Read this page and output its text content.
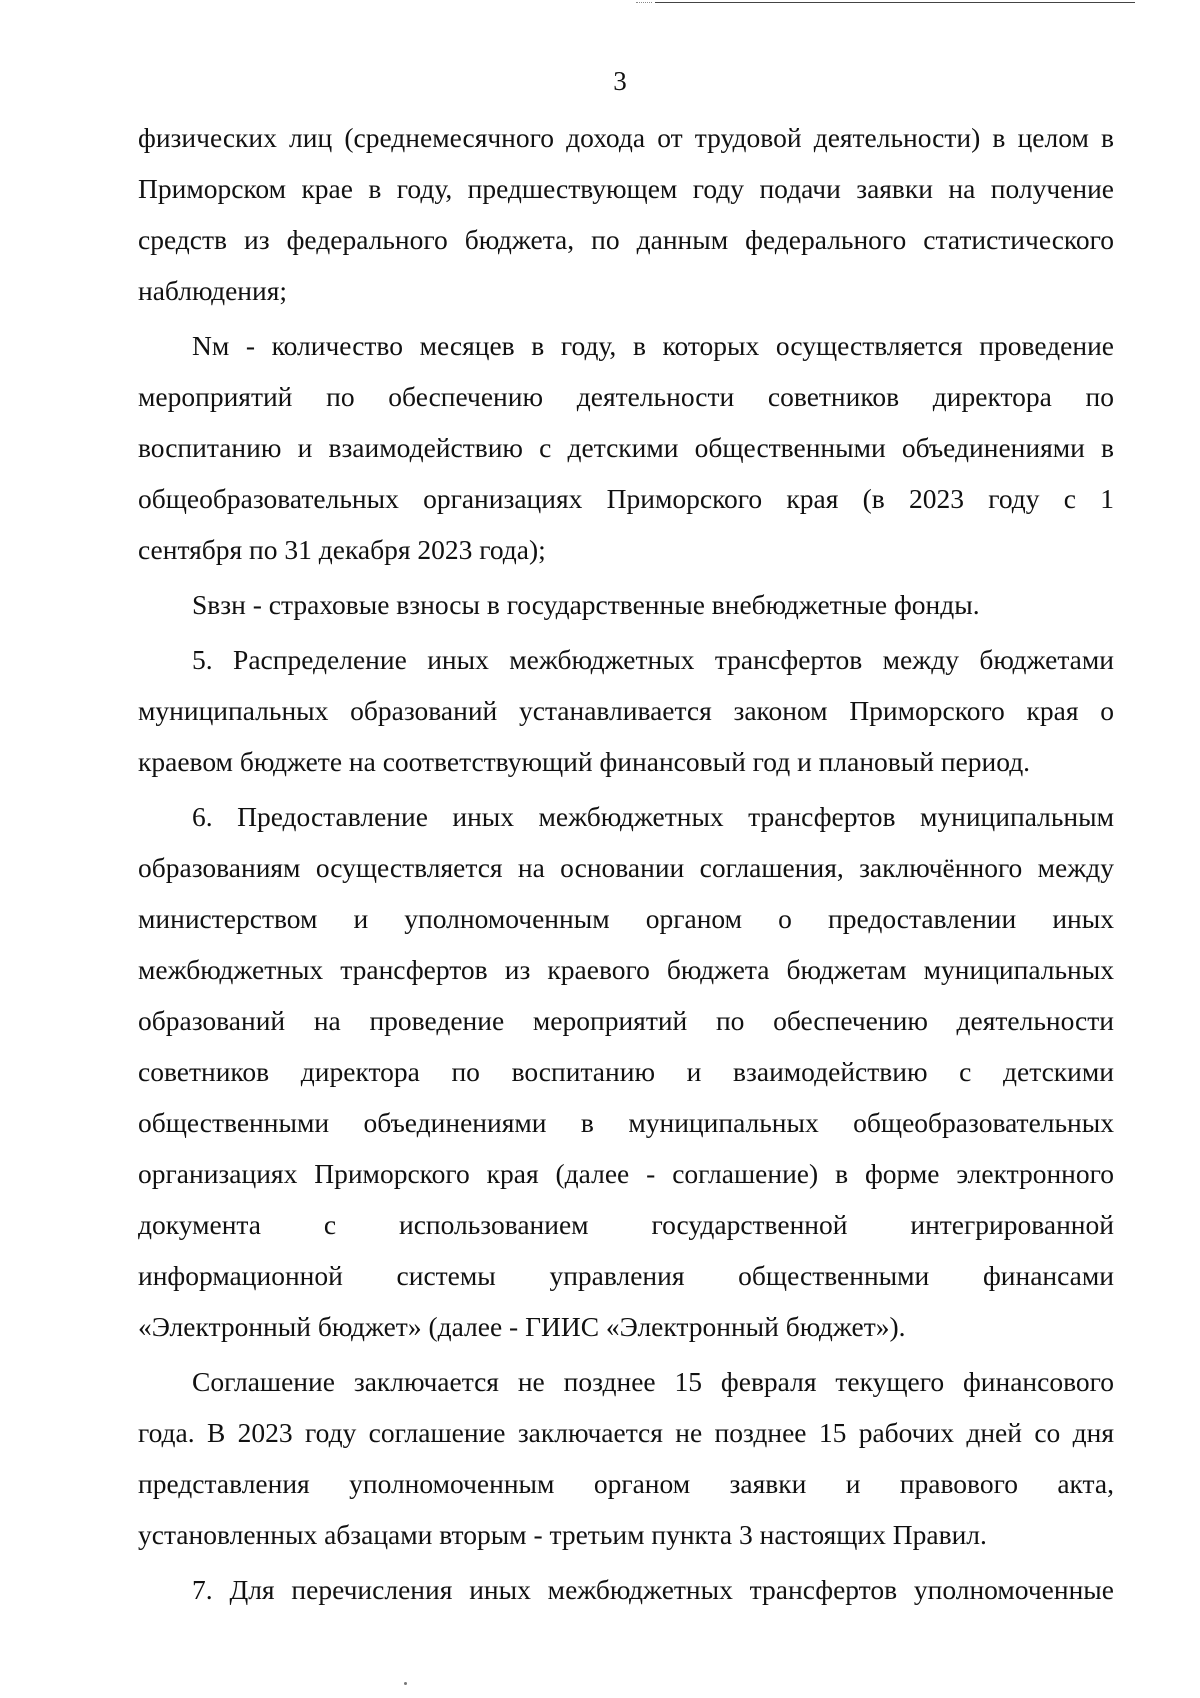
3
физических лиц (среднемесячного дохода от трудовой деятельности) в целом в
Приморском крае в году, предшествующем году подачи заявки на получение
средств из федерального бюджета, по данным федерального статистического
наблюдения;
Nм - количество месяцев в году, в которых осуществляется проведение
мероприятий по обеспечению деятельности советников директора по
воспитанию и взаимодействию с детскими общественными объединениями в
общеобразовательных организациях Приморского края (в 2023 году с 1
сентября по 31 декабря 2023 года);
Sвзн - страховые взносы в государственные внебюджетные фонды.
5. Распределение иных межбюджетных трансфертов между бюджетами
муниципальных образований устанавливается законом Приморского края о
краевом бюджете на соответствующий финансовый год и плановый период.
6. Предоставление иных межбюджетных трансфертов муниципальным
образованиям осуществляется на основании соглашения, заключённого между
министерством и уполномоченным органом о предоставлении иных
межбюджетных трансфертов из краевого бюджета бюджетам муниципальных
образований на проведение мероприятий по обеспечению деятельности
советников директора по воспитанию и взаимодействию с детскими
общественными объединениями в муниципальных общеобразовательных
организациях Приморского края (далее - соглашение) в форме электронного
документа с использованием государственной интегрированной
информационной системы управления общественными финансами
«Электронный бюджет» (далее - ГИИС «Электронный бюджет»).
Соглашение заключается не позднее 15 февраля текущего финансового
года. В 2023 году соглашение заключается не позднее 15 рабочих дней со дня
представления уполномоченным органом заявки и правового акта,
установленных абзацами вторым - третьим пункта 3 настоящих Правил.
7. Для перечисления иных межбюджетных трансфертов уполномоченные
